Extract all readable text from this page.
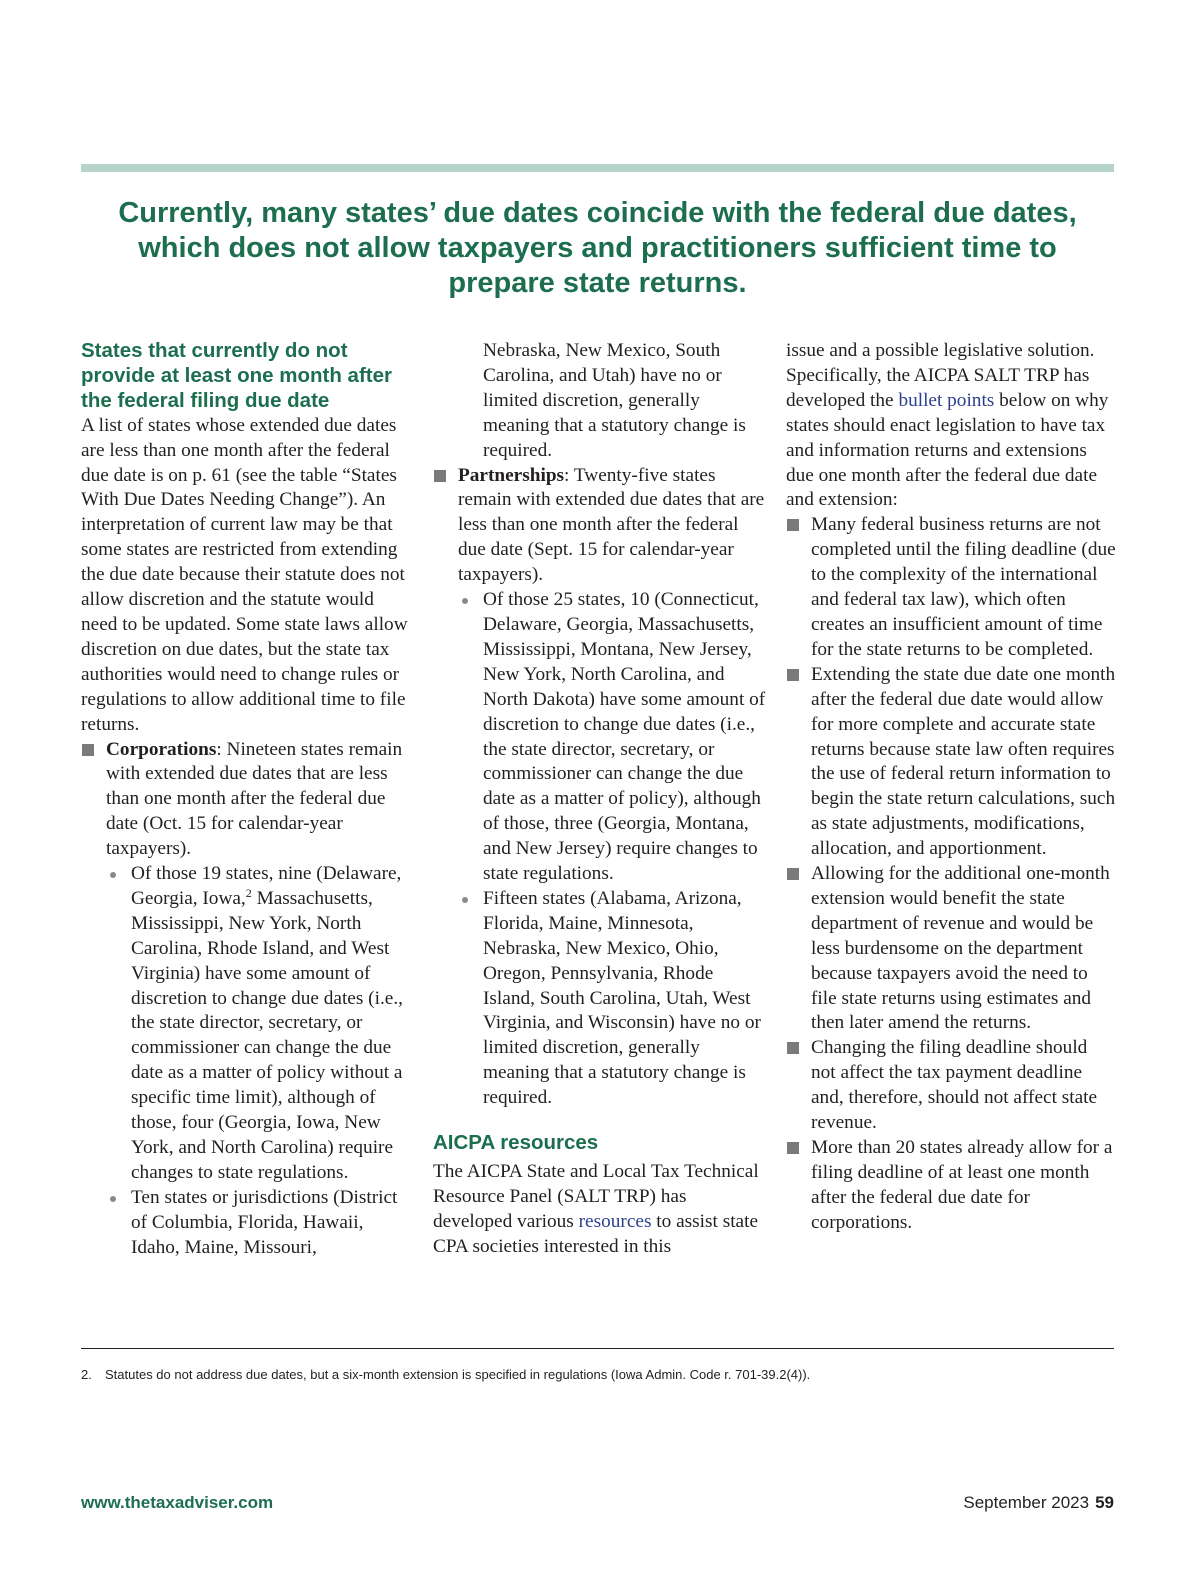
Currently, many states’ due dates coincide with the federal due dates,
which does not allow taxpayers and practitioners sufficient time to
prepare state returns.
States that currently do not provide at least one month after the federal filing due date

A list of states whose extended due dates are less than one month after the federal due date is on p. 61 (see the table “States With Due Dates Needing Change”). An interpretation of current law may be that some states are restricted from extending the due date because their statute does not allow discretion and the statute would need to be updated. Some state laws allow discretion on due dates, but the state tax authorities would need to change rules or regulations to allow additional time to file returns.

Corporations: Nineteen states remain with extended due dates that are less than one month after the federal due date (Oct. 15 for calendar-year taxpayers).

Of those 19 states, nine (Delaware, Georgia, Iowa,$^2$ Massachusetts, Mississippi, New York, North Carolina, Rhode Island, and West Virginia) have some amount of discretion to change due dates (i.e., the state director, secretary, or commissioner can change the due date as a matter of policy without a specific time limit), although of those, four (Georgia, Iowa, New York, and North Carolina) require changes to state regulations.

Ten states or jurisdictions (District of Columbia, Florida, Hawaii, Idaho, Maine, Missouri,

Nebraska, New Mexico, South Carolina, and Utah) have no or limited discretion, generally meaning that a statutory change is required.

Partnerships: Twenty-five states remain with extended due dates that are less than one month after the federal due date (Sept. 15 for calendar-year taxpayers).

Of those 25 states, 10 (Connecticut, Delaware, Georgia, Massachusetts, Mississippi, Montana, New Jersey, New York, North Carolina, and North Dakota) have some amount of discretion to change due dates (i.e., the state director, secretary, or commissioner can change the due date as a matter of policy), although of those, three (Georgia, Montana, and New Jersey) require changes to state regulations.

Fifteen states (Alabama, Arizona, Florida, Maine, Minnesota, Nebraska, New Mexico, Ohio, Oregon, Pennsylvania, Rhode Island, South Carolina, Utah, West Virginia, and Wisconsin) have no or limited discretion, generally meaning that a statutory change is required.

AICPA resources

The AICPA State and Local Tax Technical Resource Panel (SALT TRP) has developed various resources to assist state CPA societies interested in this

issue and a possible legislative solution. Specifically, the AICPA SALT TRP has developed the bullet points below on why states should enact legislation to have tax and information returns and extensions due one month after the federal due date and extension:

Many federal business returns are not completed until the filing deadline (due to the complexity of the international and federal tax law), which often creates an insufficient amount of time for the state returns to be completed.

Extending the state due date one month after the federal due date would allow for more complete and accurate state returns because state law often requires the use of federal return information to begin the state return calculations, such as state adjustments, modifications, allocation, and apportionment.

Allowing for the additional one-month extension would benefit the state department of revenue and would be less burdensome on the department because taxpayers avoid the need to file state returns using estimates and then later amend the returns.

Changing the filing deadline should not affect the tax payment deadline and, therefore, should not affect state revenue.

More than 20 states already allow for a filing deadline of at least one month after the federal due date for corporations.

2. Statutes do not address due dates, but a six-month extension is specified in regulations (Iowa Admin. Code r. 701-39.2(4)).
www.thetaxadviser.com	September 2023 59
